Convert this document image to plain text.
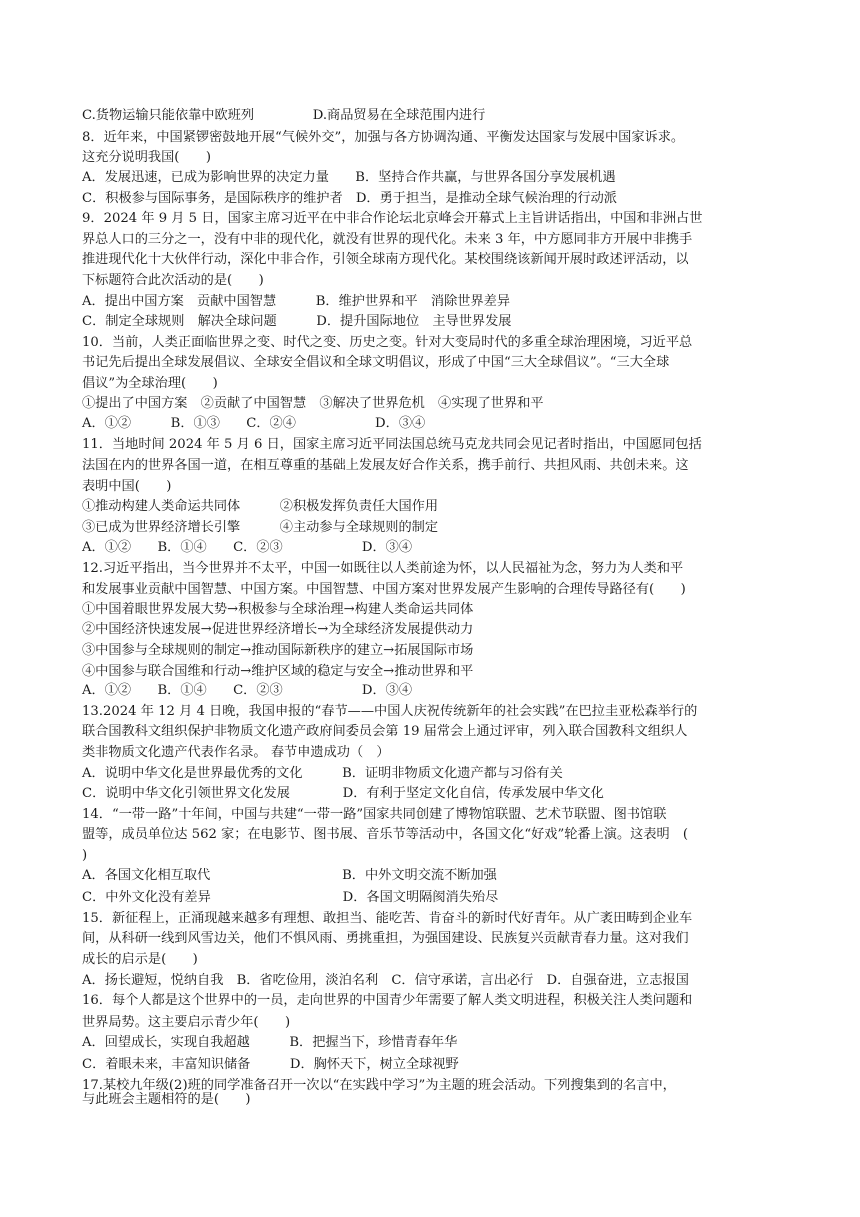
C.货物运输只能依靠中欧班列              D.商品贸易在全球范围内进行
8．近年来，中国紧锣密鼓地开展“气候外交”，加强与各方协调沟通、平衡发达国家与发展中国家诉求。
这充分说明我国(　　)
A．发展迅速，已成为影响世界的决定力量　　B．坚持合作共赢，与世界各国分享发展机遇
C．积极参与国际事务，是国际秩序的维护者　D．勇于担当，是推动全球气候治理的行动派
9．2024 年 9 月 5 日，国家主席习近平在中非合作论坛北京峰会开幕式上主旨讲话指出，中国和非洲占世
界总人口的三分之一，没有中非的现代化，就没有世界的现代化。未来 3 年，中方愿同非方开展中非携手
推进现代化十大伙伴行动，深化中非合作，引领全球南方现代化。某校围绕该新闻开展时政述评活动，以
下标题符合此次活动的是(　　)
A．提出中国方案　贡献中国智慧　　　B．维护世界和平　消除世界差异
C．制定全球规则　解决全球问题　　　D．提升国际地位　主导世界发展
10．当前，人类正面临世界之变、时代之变、历史之变。针对大变局时代的多重全球治理困境，习近平总
书记先后提出全球发展倡议、全球安全倡议和全球文明倡议，形成了中国“三大全球倡议”。“三大全球
倡议”为全球治理(　　)
①提出了中国方案　②贡献了中国智慧　③解决了世界危机　④实现了世界和平
A．①②　　　B．①③　　C．②④　　　　　　D．③④
11．当地时间 2024 年 5 月 6 日，国家主席习近平同法国总统马克龙共同会见记者时指出，中国愿同包括
法国在内的世界各国一道，在相互尊重的基础上发展友好合作关系，携手前行、共担风雨、共创未来。这
表明中国(　　)
①推动构建人类命运共同体　　　②积极发挥负责任大国作用
③已成为世界经济增长引擎　　　④主动参与全球规则的制定
A．①②　　B．①④　　C．②③　　　　　　D．③④
12.习近平指出，当今世界并不太平，中国一如既往以人类前途为怀，以人民福祉为念，努力为人类和平
和发展事业贡献中国智慧、中国方案。中国智慧、中国方案对世界发展产生影响的合理传导路径有(　　)
①中国着眼世界发展大势→积极参与全球治理→构建人类命运共同体
②中国经济快速发展→促进世界经济增长→为全球经济发展提供动力
③中国参与全球规则的制定→推动国际新秩序的建立→拓展国际市场
④中国参与联合国维和行动→维护区域的稳定与安全→推动世界和平
A．①②　　B．①④　　C．②③　　　　　　D．③④
13.2024 年 12 月 4 日晚，我国申报的“春节——中国人庆祝传统新年的社会实践”在巴拉圭亚松森举行的
联合国教科文组织保护非物质文化遗产政府间委员会第 19 届常会上通过评审，列入联合国教科文组织人
类非物质文化遗产代表作名录。 春节申遗成功（　）
A．说明中华文化是世界最优秀的文化　　　B．证明非物质文化遗产都与习俗有关
C．说明中华文化引领世界文化发展　　　　D．有利于坚定文化自信，传承发展中华文化
14．“一带一路”十年间，中国与共建“一带一路”国家共同创建了博物馆联盟、艺术节联盟、图书馆联
盟等，成员单位达 562 家；在电影节、图书展、音乐节等活动中，各国文化“好戏”轮番上演。这表明　(
)
A．各国文化相互取代　　　　　　　　　　B．中外文明交流不断加强
C．中外文化没有差异　　　　　　　　　　D．各国文明隔阂消失殆尽
15．新征程上，正涌现越来越多有理想、敢担当、能吃苦、肯奋斗的新时代好青年。从广袤田畴到企业车
间，从科研一线到风雪边关，他们不惧风雨、勇挑重担，为强国建设、民族复兴贡献青春力量。这对我们
成长的启示是(　　)
A．扬长避短，悦纳自我　B．省吃俭用，淡泊名利　C．信守承诺，言出必行　D．自强奋进，立志报国
16．每个人都是这个世界中的一员，走向世界的中国青少年需要了解人类文明进程，积极关注人类问题和
世界局势。这主要启示青少年(　　)
A．回望成长，实现自我超越　　　B．把握当下，珍惜青春年华
C．着眼未来，丰富知识储备　　　D．胸怀天下，树立全球视野
17.某校九年级(2)班的同学准备召开一次以“在实践中学习”为主题的班会活动。下列搜集到的名言中，
与此班会主题相符的是(　　)
